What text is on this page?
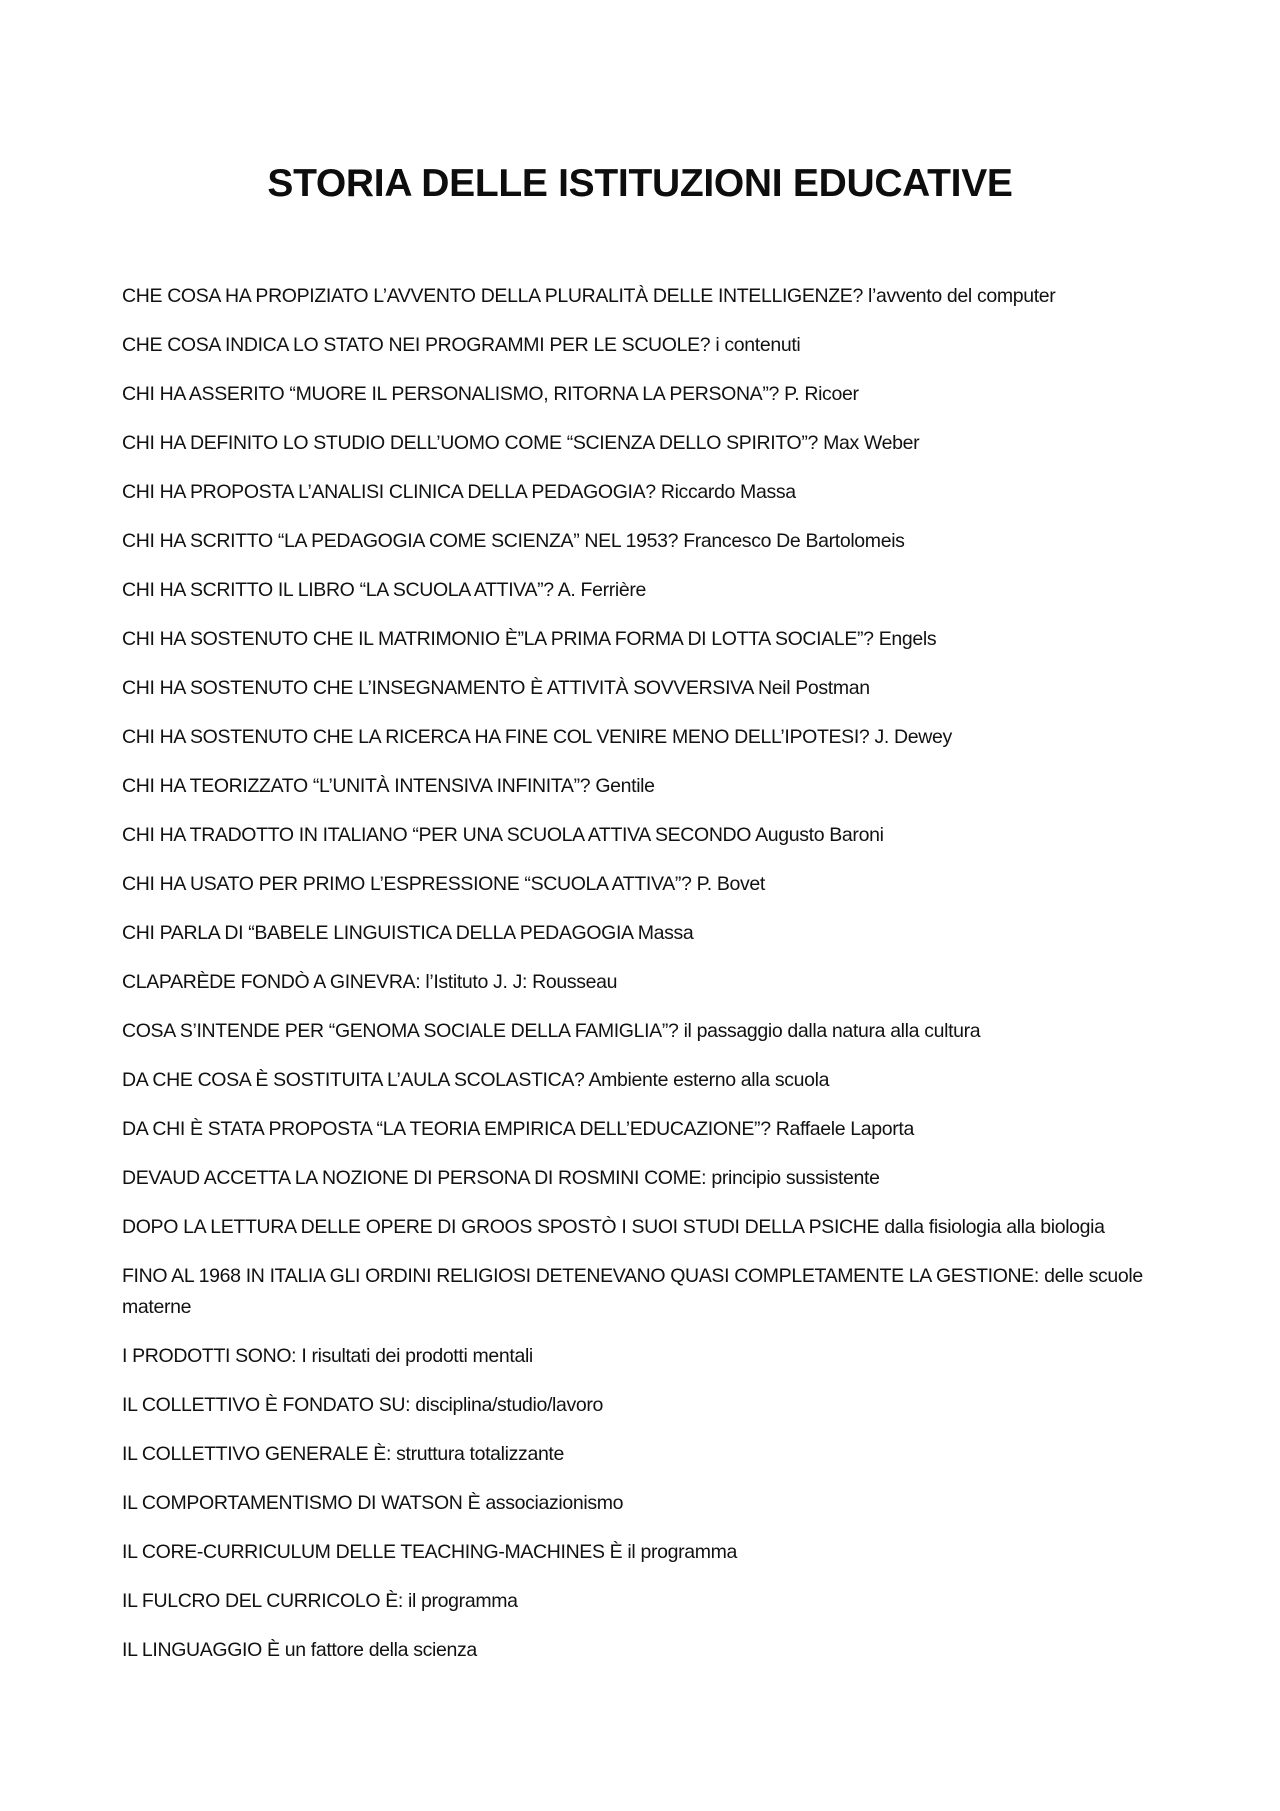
STORIA DELLE ISTITUZIONI EDUCATIVE
CHE COSA HA PROPIZIATO L’AVVENTO DELLA PLURALITÀ DELLE INTELLIGENZE? l’avvento del computer
CHE COSA INDICA LO STATO NEI PROGRAMMI PER LE SCUOLE? i contenuti
CHI HA ASSERITO “MUORE IL PERSONALISMO, RITORNA LA PERSONA”? P. Ricoer
CHI HA DEFINITO LO STUDIO DELL’UOMO COME “SCIENZA DELLO SPIRITO”? Max Weber
CHI HA PROPOSTA L’ANALISI CLINICA DELLA PEDAGOGIA? Riccardo Massa
CHI HA SCRITTO “LA PEDAGOGIA COME SCIENZA” NEL 1953? Francesco De Bartolomeis
CHI HA SCRITTO IL LIBRO “LA SCUOLA ATTIVA”? A. Ferrière
CHI HA SOSTENUTO CHE IL MATRIMONIO È”LA PRIMA FORMA DI LOTTA SOCIALE”? Engels
CHI HA SOSTENUTO CHE L’INSEGNAMENTO È ATTIVITÀ SOVVERSIVA Neil Postman
CHI HA SOSTENUTO CHE LA RICERCA HA FINE COL VENIRE MENO DELL’IPOTESI? J. Dewey
CHI HA TEORIZZATO “L’UNITÀ INTENSIVA INFINITA”? Gentile
CHI HA TRADOTTO IN ITALIANO “PER UNA SCUOLA ATTIVA SECONDO Augusto Baroni
CHI HA USATO PER PRIMO L’ESPRESSIONE “SCUOLA ATTIVA”? P. Bovet
CHI PARLA DI “BABELE LINGUISTICA DELLA PEDAGOGIA Massa
CLAPARÈDE FONDÒ A GINEVRA: l’Istituto J. J: Rousseau
COSA S’INTENDE PER “GENOMA SOCIALE DELLA FAMIGLIA”? il passaggio dalla natura alla cultura
DA CHE COSA È SOSTITUITA L’AULA SCOLASTICA? Ambiente esterno alla scuola
DA CHI È STATA PROPOSTA “LA TEORIA EMPIRICA DELL’EDUCAZIONE”? Raffaele Laporta
DEVAUD ACCETTA LA NOZIONE DI PERSONA DI ROSMINI COME: principio sussistente
DOPO LA LETTURA DELLE OPERE DI GROOS SPOSTÒ I SUOI STUDI DELLA PSICHE dalla fisiologia alla biologia
FINO AL 1968 IN ITALIA GLI ORDINI RELIGIOSI DETENEVANO QUASI COMPLETAMENTE LA GESTIONE: delle scuole materne
I PRODOTTI SONO: I risultati dei prodotti mentali
IL COLLETTIVO È FONDATO SU: disciplina/studio/lavoro
IL COLLETTIVO GENERALE È: struttura totalizzante
IL COMPORTAMENTISMO DI WATSON È associazionismo
IL CORE-CURRICULUM DELLE TEACHING-MACHINES È il programma
IL FULCRO DEL CURRICOLO È: il programma
IL LINGUAGGIO È un fattore della scienza
